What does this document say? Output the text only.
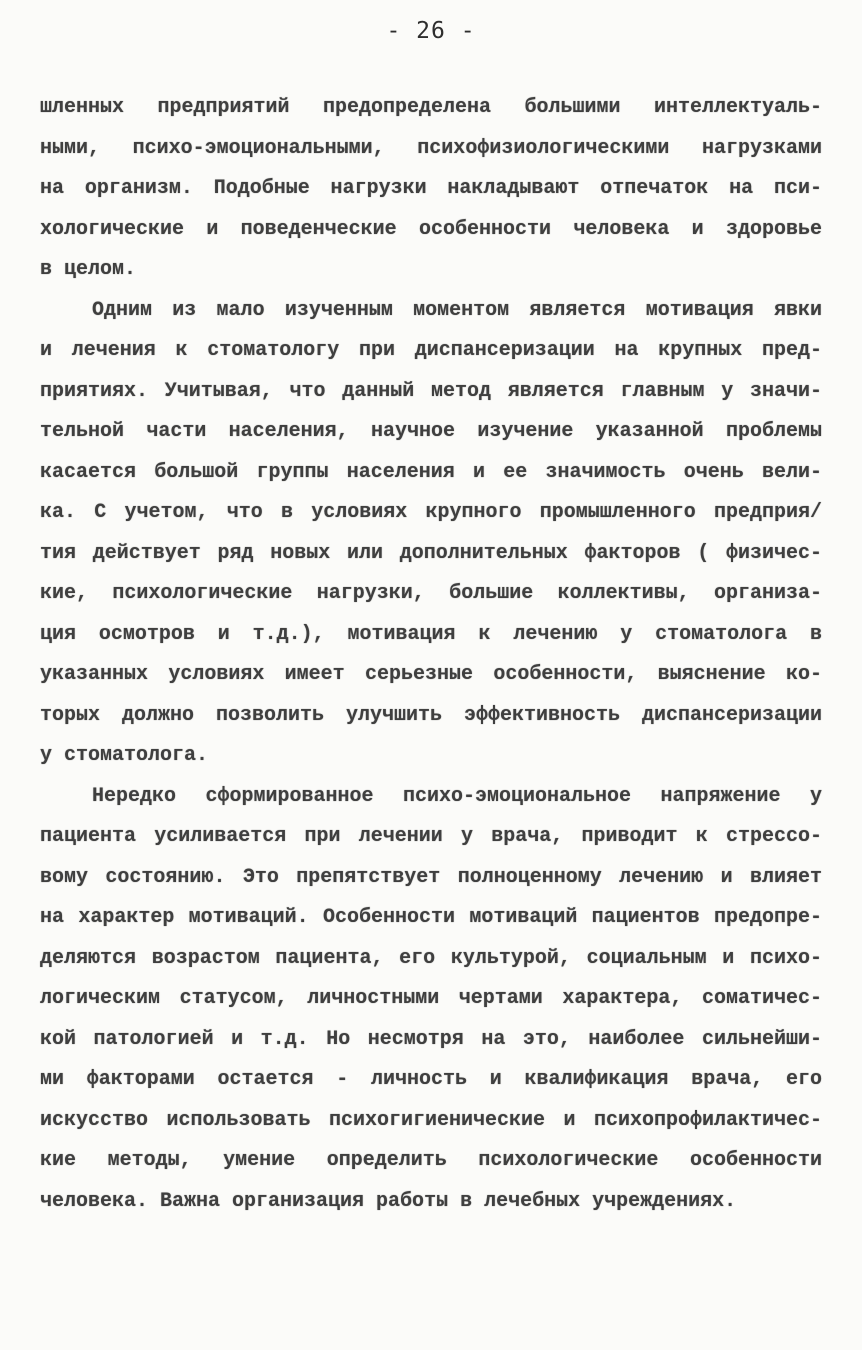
- 26 -
шленных предприятий предопределена большими интеллектуаль-
ными, психо-эмоциональными, психофизиологическими нагрузками
на организм. Подобные нагрузки накладывают отпечаток на пси-
хологические и поведенческие особенности человека и здоровье
в целом.
Одним из мало изученным моментом является мотивация явки
и лечения к стоматологу при диспансеризации на крупных пред-
приятиях. Учитывая, что данный метод является главным у значи-
тельной части населения, научное изучение указанной проблемы
касается большой группы населения и ее значимость очень вели-
ка. С учетом, что в условиях крупного промышленного предприя/
тия действует ряд новых или дополнительных факторов ( физичес-
кие, психологические нагрузки, большие коллективы, организа-
ция осмотров и т.д.), мотивация к лечению у стоматолога в
указанных условиях имеет серьезные особенности, выяснение ко-
торых должно позволить улучшить эффективность диспансеризации
у стоматолога.
Нередко сформированное психо-эмоциональное напряжение у
пациента усиливается при лечении у врача, приводит к стрессо-
вому состоянию. Это препятствует полноценному лечению и влияет
на характер мотиваций. Особенности мотиваций пациентов предопре-
деляются возрастом пациента, его культурой, социальным и психо-
логическим статусом, личностными чертами характера, соматичес-
кой патологией и т.д. Но несмотря на это, наиболее сильнейши-
ми факторами остается - личность и квалификация врача, его
искусство использовать психогигиенические и психопрофилактичес-
кие методы, умение определить психологические особенности
человека. Важна организация работы в лечебных учреждениях.
